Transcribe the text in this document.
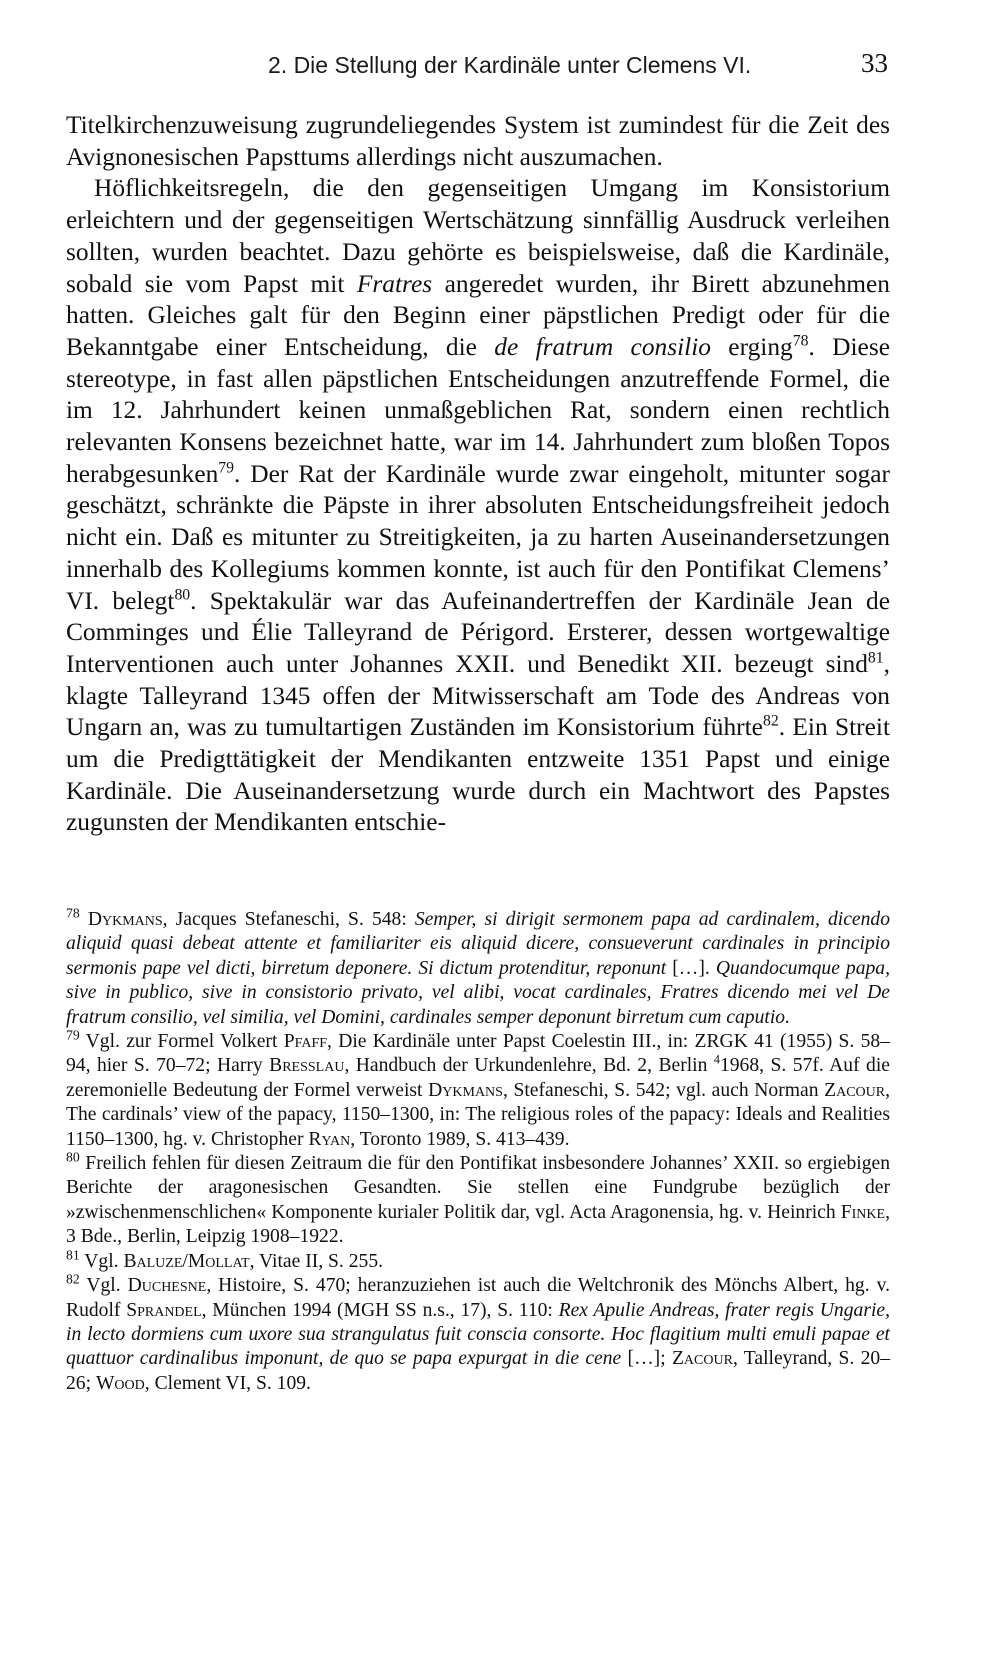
2. Die Stellung der Kardinäle unter Clemens VI.	33

Titelkirchenzuweisung zugrundeliegendes System ist zumindest für die Zeit des Avignonesischen Papsttums allerdings nicht auszumachen.

Höflichkeitsregeln, die den gegenseitigen Umgang im Konsistorium erleichtern und der gegenseitigen Wertschätzung sinnfällig Ausdruck verleihen sollten, wurden beachtet. Dazu gehörte es beispielsweise, daß die Kardinäle, sobald sie vom Papst mit Fratres angeredet wurden, ihr Birett abzunehmen hatten. Gleiches galt für den Beginn einer päpstlichen Predigt oder für die Bekanntgabe einer Entscheidung, die de fratrum consilio erging$^{78}$. Diese stereotype, in fast allen päpstlichen Entscheidungen anzutreffende Formel, die im 12. Jahrhundert keinen unmaßgeblichen Rat, sondern einen rechtlich relevanten Konsens bezeichnet hatte, war im 14. Jahrhundert zum bloßen Topos herabgesunken$^{79}$. Der Rat der Kardinäle wurde zwar eingeholt, mitunter sogar geschätzt, schränkte die Päpste in ihrer absoluten Entscheidungsfreiheit jedoch nicht ein. Daß es mitunter zu Streitigkeiten, ja zu harten Auseinandersetzungen innerhalb des Kollegiums kommen konnte, ist auch für den Pontifikat Clemens’ VI. belegt$^{80}$. Spektakulär war das Aufeinandertreffen der Kardinäle Jean de Comminges und Élie Talleyrand de Périgord. Ersterer, dessen wortgewaltige Interventionen auch unter Johannes XXII. und Benedikt XII. bezeugt sind$^{81}$, klagte Talleyrand 1345 offen der Mitwisserschaft am Tode des Andreas von Ungarn an, was zu tumultartigen Zuständen im Konsistorium führte$^{82}$. Ein Streit um die Predigttätigkeit der Mendikanten entzweite 1351 Papst und einige Kardinäle. Die Auseinandersetzung wurde durch ein Machtwort des Papstes zugunsten der Mendikanten entschie-

$^{78}$ Dykmans, Jacques Stefaneschi, S. 548: Semper, si dirigit sermonem papa ad cardinalem, dicendo aliquid quasi debeat attente et familiariter eis aliquid dicere, consueverunt cardinales in principio sermonis pape vel dicti, birretum deponere. Si dictum protenditur, reponunt […]. Quandocumque papa, sive in publico, sive in consistorio privato, vel alibi, vocat cardinales, Fratres dicendo mei vel De fratrum consilio, vel similia, vel Domini, cardinales semper deponunt birretum cum caputio.

$^{79}$ Vgl. zur Formel Volkert Pfaff, Die Kardinäle unter Papst Coelestin III., in: ZRGK 41 (1955) S. 58–94, hier S. 70–72; Harry Bresslau, Handbuch der Urkundenlehre, Bd. 2, Berlin $^4$1968, S. 57f. Auf die zeremonielle Bedeutung der Formel verweist Dykmans, Stefaneschi, S. 542; vgl. auch Norman Zacour, The cardinals’ view of the papacy, 1150–1300, in: The religious roles of the papacy: Ideals and Realities 1150–1300, hg. v. Christopher Ryan, Toronto 1989, S. 413–439.

$^{80}$ Freilich fehlen für diesen Zeitraum die für den Pontifikat insbesondere Johannes’ XXII. so ergiebigen Berichte der aragonesischen Gesandten. Sie stellen eine Fundgrube bezüglich der »zwischenmenschlichen« Komponente kurialer Politik dar, vgl. Acta Aragonensia, hg. v. Heinrich Finke, 3 Bde., Berlin, Leipzig 1908–1922.

$^{81}$ Vgl. Baluze/Mollat, Vitae II, S. 255.

$^{82}$ Vgl. Duchesne, Histoire, S. 470; heranzuziehen ist auch die Weltchronik des Mönchs Albert, hg. v. Rudolf Sprandel, München 1994 (MGH SS n.s., 17), S. 110: Rex Apulie Andreas, frater regis Ungarie, in lecto dormiens cum uxore sua strangulatus fuit conscia consorte. Hoc flagitium multi emuli papae et quattuor cardinalibus imponunt, de quo se papa expurgat in die cene […]; Zacour, Talleyrand, S. 20–26; Wood, Clement VI, S. 109.
